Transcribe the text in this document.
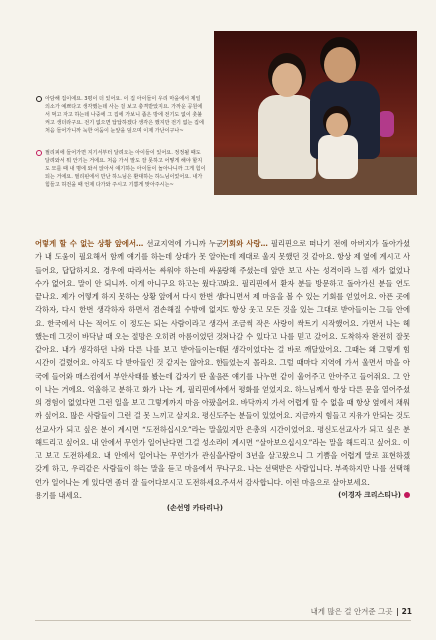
아담해 집이에요. 3평이 더 있어요. 이 집 아이들이 우리 마을에서 제일 의소가 예쁘다고 생각했는데 사는 걸 보고 충격받았지요. 가까운 공원에서 먹고 자고 하는데 나중에 그 집에 가보니 좁은 방에 전기도 없이 촛불 켜고 생더라구요. 전기 없으면 답답하겠다 생각은 했지만 전기 없는 집에 처음 들어가니까 눅한 어둠이 눈앞을 덮으며 이제 가난이구나~
필리피에 들어가면 지기서부터 달려오는 아이들이 있어요. 정정될 때도 달려와서 뭐 안기는 거에요. 처음 가서 말도 잘 못하고 어떻게 해야 할지도 모를 때 내 명에 와서 앉아서 얘기하는 아이들이 놀아나니까 그게 힘이 되는 거에요. 필리핀에서 만난 하느님은 환대하는 하느님이었어요. 내가 힘들고 허전을 때 언제 다가와 주시고 기쁨게 맞아주시는~
어렇게 할 수 없는 상황 앞에서… 선교지역에 가니까 누군가 내 도움이 필요해서 함께 얘기를 하는데 상대가 못 알아들어요, 답답하지요. 경우에 따라서는 싸워야 하는데 싸움 수가 없어요. 말이 안 되니까. 이게 아니구요 하고는 웠다고 끝나요. 제가 어떻게 하지 못하는 상황 앞에서 다시 한번 생각하자, 다시 한번 생각하자 하면서 겸손해질 수밖에 없지요. 한국에서 나는 적어도 이 정도는 되는 사람이라고 생각했는데 그것이 바닥날 때 오는 절망은 오히려 아름이었던 것 같아요. 내가 생각하던 나와 다른 나를 보고 받아들이는데 시간이 걸렸어요. 아직도 다 받아들인 것 같지는 않아요. 한국에 들어와 매스컴에서 부안사태를 봤는데 갑자기 딴 울음이 나는 거에요. 억울하고 분하고 화가 나는 게, 필리핀에서의 경험이 없었다면 그런 일을 보고 그렇게까지 마음 아팠을까 싶어요. 많은 사람들이 그런 걸 못 느끼고 살지요. 평신도선교사가 되고 싶은 분이 계시면 “도전하십시오”라는 말을 해드리고 싶어요. 내 안에서 무언가 일어난다면 그걸 성소라고 보고 도전하세요. 내 안에서 일어나는 무언가가 관심을 갖게 하고, 우리같은 사람들이 하는 말을 듣고 마음에서 무언가 일어나는 게 있다면 좀더 잘 들어다보시고 도전하세요. 용기를 내세요.
(손선영 카타리나)
기회와 사랑… 필리핀으로 떠나기 전에 아버지가 돌아가셨는데 제대로 울지 못했던 것 같아요. 항상 제 옆에 계시고 사랑해 주셨는데 앞만 보고 사는 성격이라 느낌 새가 없었나 봐요. 필리핀에서 환자 분들 방문하고 돌아가신 분들 연도 다니면서 제 마음을 볼 수 있는 기회를 얻었어요. 아픈 곳에도 항상 웃고 모든 것을 있는 그대로 받아들이는 그들 안에서 조금씩 작은 사랑이 싹트기 시작했어요. 가면서 나는 헤쳐나갈 수 있다고 나를 믿고 갔어요. 도착하자 완전히 잘못된 생각이었다는 걸 바로 깨달았어요. 그때는 왜 그렇게 힘들었는지 몰라요. 그럴 때마다 지역에 가서 울면서 마을 아픈 얘기를 나누면 같이 울어주고 안아주고 들어줘요. 그 안에서 평화를 얻었지요. 하느님께서 항상 다른 문을 열어주셨어요. 바닥까지 가서 어렵게 할 수 없을 때 항상 옆에서 채워주는 분들이 있었어요. 지금까지 힘들고 지유가 안되는 것도 있지만 은총의 시간이었어요. 평신도선교사가 되고 싶은 분이 계시면 “살아보으십시오”라는 말을 해드리고 싶어요. 이 사람이 3년을 살고왔으니 그 기쁨을 어렵게 말로 표현하겠나구요. 나는 선택받은 사람입니다. 부족하지만 나를 선택해 주셔서 감사합니다. 이런 마음으로 살아보세요.
(이경자 크리스티나)
내게 많은 걸 안겨준 그곳 21
